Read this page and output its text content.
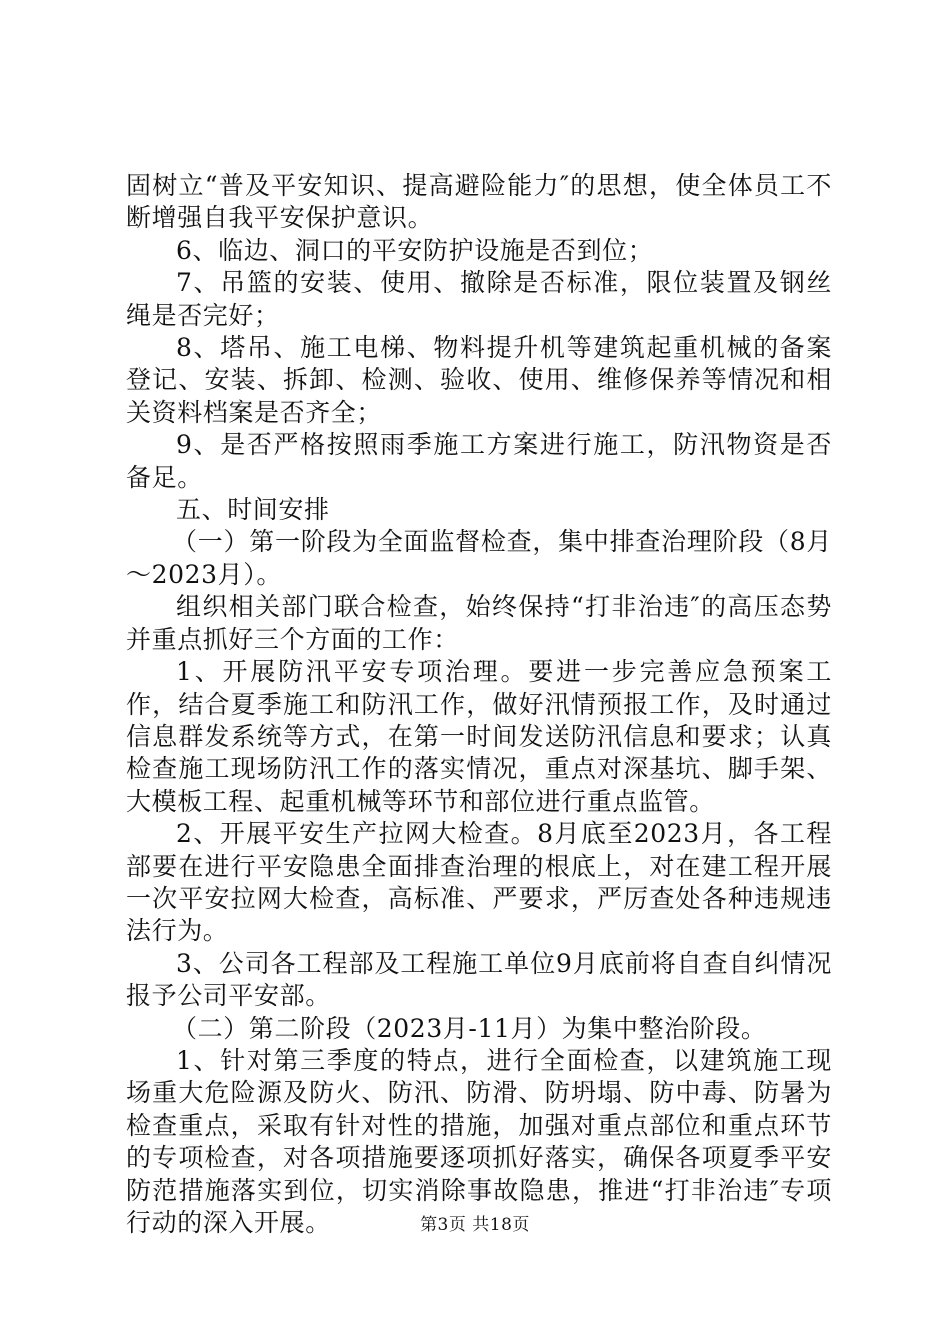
固树立“普及平安知识、提高避险能力″的思想，使全体员工不断增强自我平安保护意识。

6、临边、洞口的平安防护设施是否到位；

7、吊篮的安装、使用、撤除是否标准，限位装置及钢丝绳是否完好；

8、塔吊、施工电梯、物料提升机等建筑起重机械的备案登记、安装、拆卸、检测、验收、使用、维修保养等情况和相关资料档案是否齐全；

9、是否严格按照雨季施工方案进行施工，防汛物资是否备足。

五、时间安排

（一）第一阶段为全面监督检查，集中排查治理阶段（8月～2023月）。

组织相关部门联合检查，始终保持“打非治违″的高压态势并重点抓好三个方面的工作：

1、开展防汛平安专项治理。要进一步完善应急预案工作，结合夏季施工和防汛工作，做好汛情预报工作，及时通过信息群发系统等方式，在第一时间发送防汛信息和要求；认真检查施工现场防汛工作的落实情况，重点对深基坑、脚手架、大模板工程、起重机械等环节和部位进行重点监管。

2、开展平安生产拉网大检查。8月底至2023月，各工程部要在进行平安隐患全面排查治理的根底上，对在建工程开展一次平安拉网大检查，高标准、严要求，严厉查处各种违规违法行为。

3、公司各工程部及工程施工单位9月底前将自查自纠情况报予公司平安部。

（二）第二阶段（2023月-11月）为集中整治阶段。

1、针对第三季度的特点，进行全面检查，以建筑施工现场重大危险源及防火、防汛、防滑、防坍塌、防中毒、防暑为检查重点，采取有针对性的措施，加强对重点部位和重点环节的专项检查，对各项措施要逐项抓好落实，确保各项夏季平安防范措施落实到位，切实消除事故隐患，推进“打非治违″专项行动的深入开展。	第3页 共18页
